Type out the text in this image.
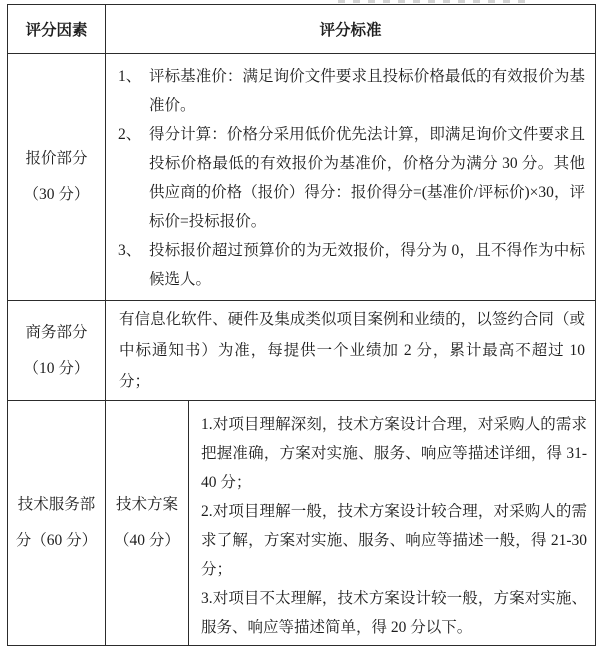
评分因素	评分标准
报价部分
（30 分）
1、 评标基准价：满足询价文件要求且投标价格最低的有效报价为基准价。
2、 得分计算：价格分采用低价优先法计算，即满足询价文件要求且投标价格最低的有效报价为基准价，价格分为满分 30 分。其他供应商的价格（报价）得分：报价得分=(基准价/评标价)×30，评标价=投标报价。
3、 投标报价超过预算价的为无效报价，得分为 0，且不得作为中标候选人。
商务部分
（10 分）

有信息化软件、硬件及集成类似项目案例和业绩的，以签约合同（或中标通知书）为准，每提供一个业绩加 2 分，累计最高不超过 10 分；

技术服务部
分（60 分）
技术方案
（40 分）

1.对项目理解深刻，技术方案设计合理，对采购人的需求把握准确，方案对实施、服务、响应等描述详细，得 31-40 分；

2.对项目理解一般，技术方案设计较合理，对采购人的需求了解，方案对实施、服务、响应等描述一般，得 21-30 分；

3.对项目不太理解，技术方案设计较一般，方案对实施、服务、响应等描述简单，得 20 分以下。
